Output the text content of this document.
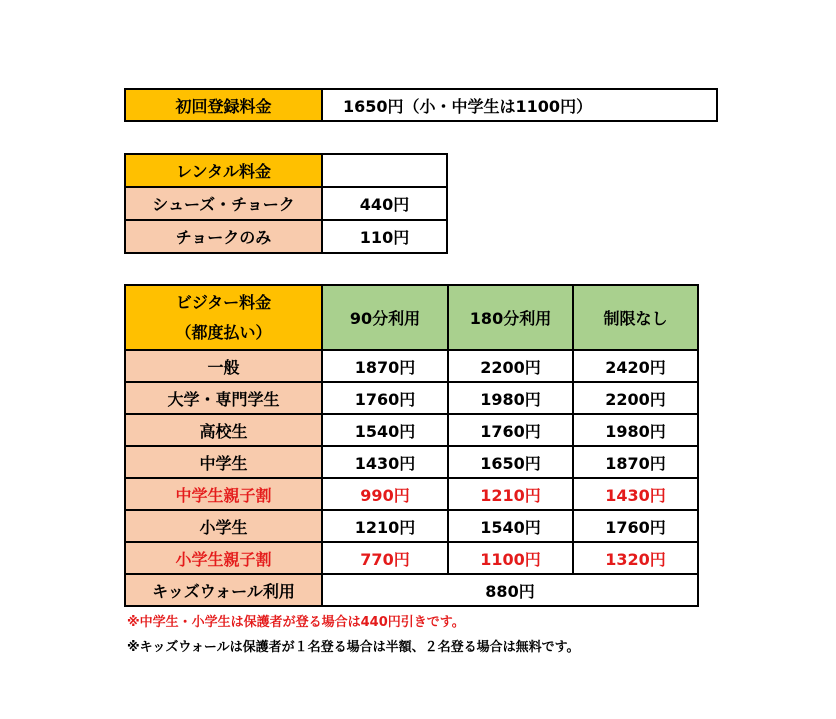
初回登録料金	1650円（小・中学生は1100円）
レンタル料金	
シューズ・チョーク	440円
チョークのみ	110円
ビジター料金
（都度払い）	90分利用	180分利用	制限なし
一般	1870円	2200円	2420円
大学・専門学生	1760円	1980円	2200円
高校生	1540円	1760円	1980円
中学生	1430円	1650円	1870円
中学生親子割	990円	1210円	1430円
小学生	1210円	1540円	1760円
小学生親子割	770円	1100円	1320円
キッズウォール利用	880円		
※中学生・小学生は保護者が登る場合は440円引きです。
※キッズウォールは保護者が１名登る場合は半額、２名登る場合は無料です。
